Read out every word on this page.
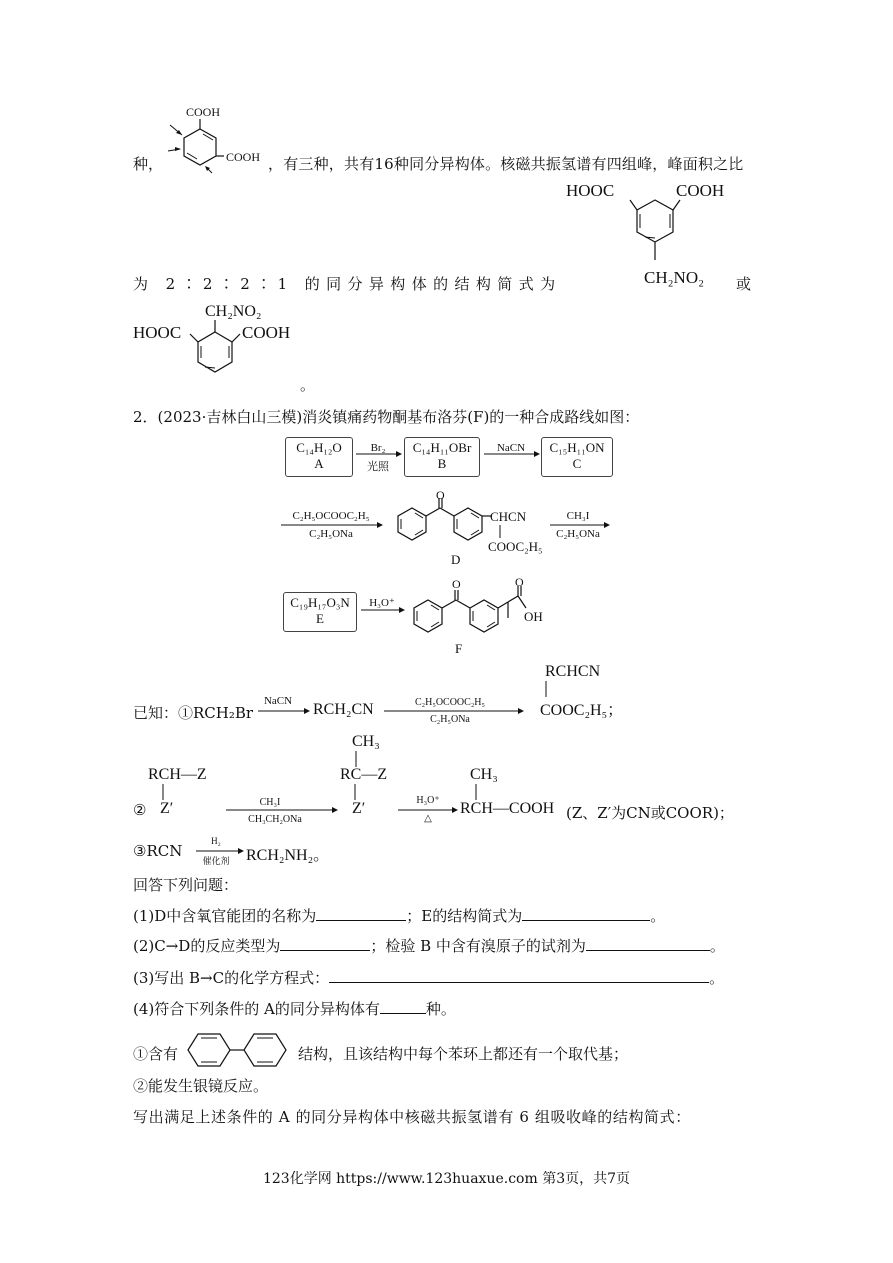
COOH
COOH
种，	，有三种，共有16种同分异构体。核磁共振氢谱有四组峰，峰面积之比
HOOC	COOH
CH₂NO₂
为 2∶2∶2∶1 的同分异构体的结构简式为	或
CH₂NO₂
HOOC	COOH
。
2．(2023·吉林白山三模)消炎镇痛药物酮基布洛芬(F)的一种合成路线如图：
C₁₄H₁₂O
A
Br₂
光照
C₁₄H₁₁OBr
B
NaCN	C₁₅H₁₁ON
C
C₂H₅OCOOC₂H₅
C₂H₅ONa
O
CHCN
COOC₂H₅
D
CH₃I
C₂H₅ONa
C₁₉H₁₇O₃N
E
H₃O⁺
O	O
OH
F
已知：①RCH₂Br
NaCN	RCH₂CN	C₂H₅OCOOC₂H₅
C₂H₅ONa
RCHCN
COOC₂H₅；
CH₃
RCH—Z	RC—Z	CH₃
② Z′	CH₃I
CH₃CH₂ONa
Z′	H₃O⁺
△
RCH—COOH (Z、Z′为CN或COOR)；
③RCN
H₂
催化剂	RCH₂NH₂。
回答下列问题：
(1)D中含氧官能团的名称为	；E的结构简式为	。
(2)C→D的反应类型为	；检验 B 中含有溴原子的试剂为	。
(3)写出 B→C的化学方程式：	。
(4)符合下列条件的 A的同分异构体有	种。
①含有	结构，且该结构中每个苯环上都还有一个取代基；
②能发生银镜反应。
写出满足上述条件的 A 的同分异构体中核磁共振氢谱有 6 组吸收峰的结构简式：
123化学网 https://www.123huaxue.com 第3页，共7页
